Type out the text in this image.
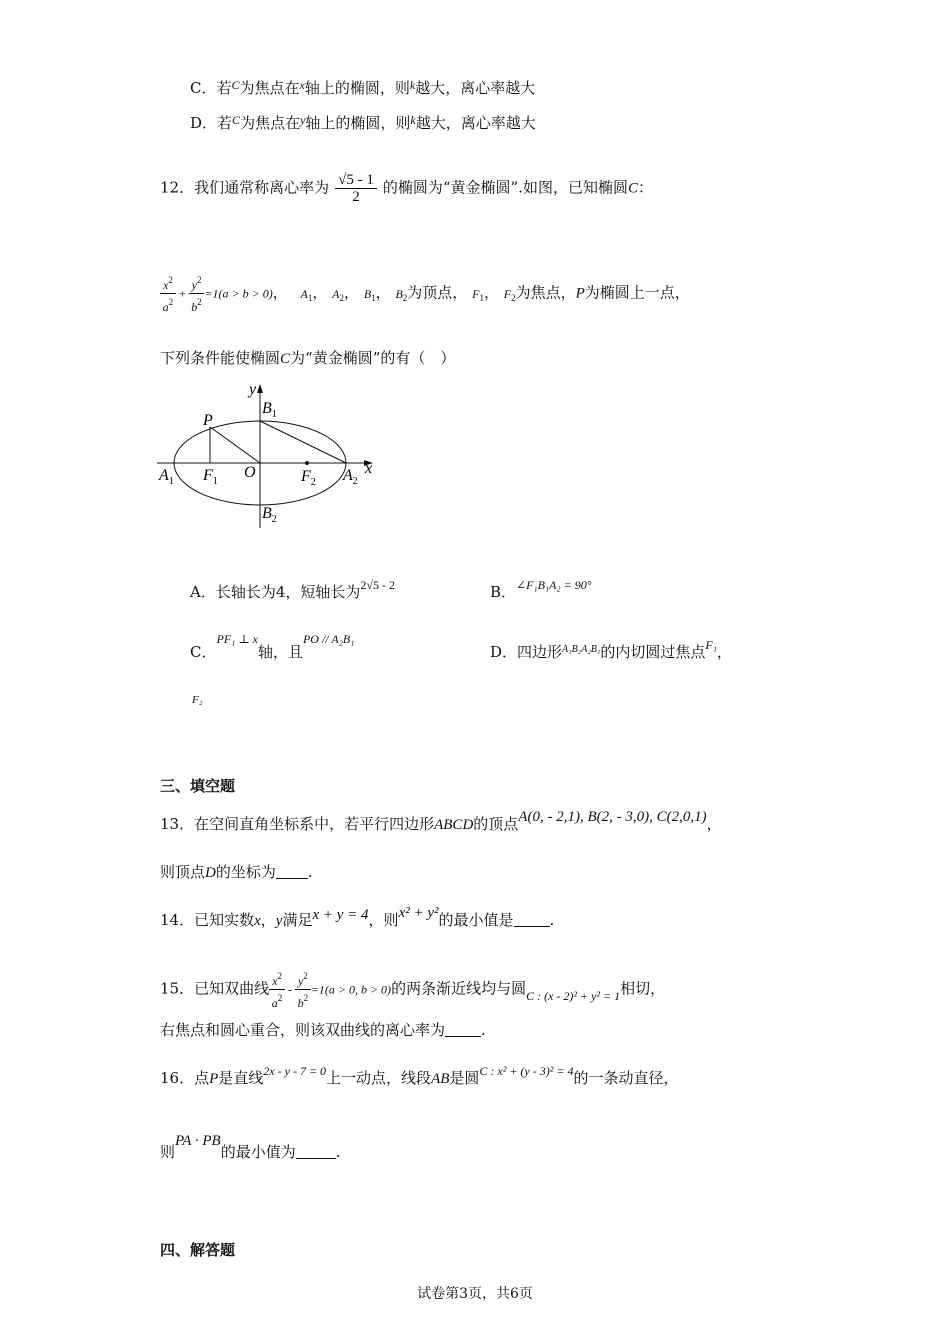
C．若$^C$为焦点在$^x$轴上的椭圆，则$^k$越大，离心率越大
D．若$^C$为焦点在$^y$轴上的椭圆，则$^k$越大，离心率越大
12．我们通常称离心率为 $\frac{√5 - 1}{2}$ 的椭圆为“黄金椭圆”.如图，已知椭圆C：
$\frac{x^2}{a^2} + \frac{y^2}{b^2} =1(a > b > 0)$， $A_1$， $A_2$， $B_1$， $B_2$为顶点， $F_1$， $F_2$为焦点，P为椭圆上一点，
下列条件能使椭圆C为“黄金椭圆”的有（　）
y
x
P
$B_1$
$A_1$ $F_1$
O	$F_2$ $A_2$
$B_2$
A．长轴长为4，短轴长为$^{2√5 - 2}$	B．$^{\angle F_1B_1A_2 = 90^\circ}$
C．$^{PF_1 \perp x}$轴，且$^{PO // A_2B_1}$
D．四边形$^{A_1B_2A_2B_1}$的内切圆过焦点$^{F_1}$，
F₂
三、填空题
13．在空间直角坐标系中，若平行四边形ABCD的顶点A(0, - 2,1), B(2, - 3,0), C(2,0,1)，
则顶点D的坐标为 .
14．已知实数x，y满足x + y = 4，则x² + y²的最小值是 .
15．已知双曲线 $\frac{x^2}{a^2} - \frac{y^2}{b^2} =1(a > 0$, b > 0)的两条渐近线均与圆$_{C : (x - 2)^2 + y^2 = 1}$相切，
右焦点和圆心重合，则该双曲线的离心率为 .
16．点P是直线$^{2x - y - 7 = 0}$上一动点，线段AB是圆$^{C : x^2 + (y - 3)^2 = 4}$的一条动直径，
则PA · PB的最小值为	.
四、解答题
试卷第3页，共6页
